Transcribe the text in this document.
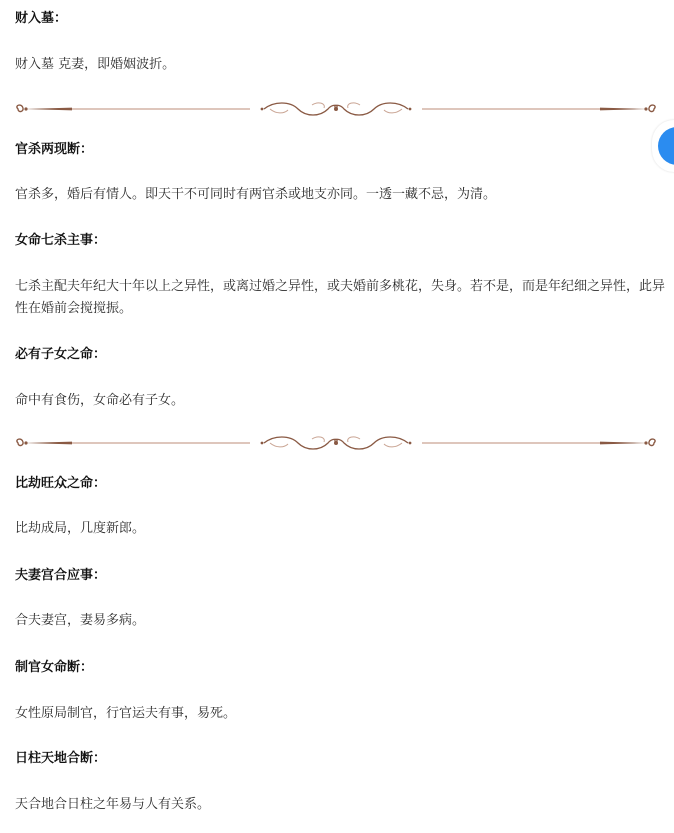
财入墓：
财入墓 克妻，即婚姻波折。
官杀两现断：
官杀多，婚后有情人。即天干不可同时有两官杀或地支亦同。一透一藏不忌，为清。
女命七杀主事：
七杀主配夫年纪大十年以上之异性，或离过婚之异性，或夫婚前多桃花，失身。若不是，而是年纪细之异性，此异性在婚前会搅搅振。
必有子女之命：
命中有食伤，女命必有子女。
比劫旺众之命：
比劫成局，几度新郎。
夫妻宫合应事：
合夫妻宫，妻易多病。
制官女命断：
女性原局制官，行官运夫有事，易死。
日柱天地合断：
天合地合日柱之年易与人有关系。
